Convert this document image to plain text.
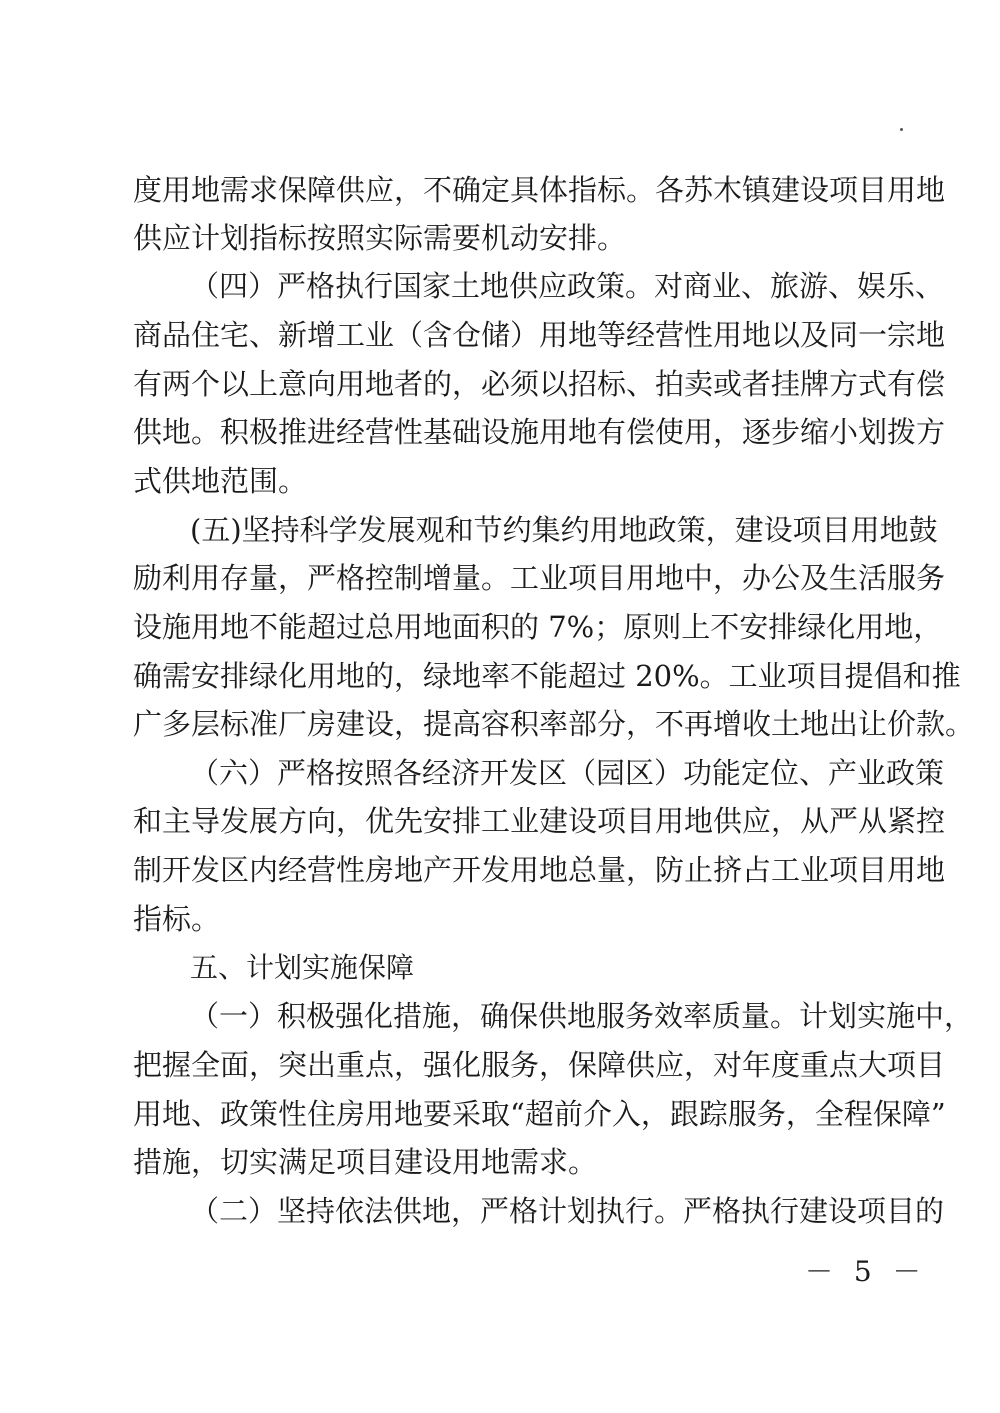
度用地需求保障供应，不确定具体指标。各苏木镇建设项目用地
供应计划指标按照实际需要机动安排。
（四）严格执行国家土地供应政策。对商业、旅游、娱乐、
商品住宅、新增工业（含仓储）用地等经营性用地以及同一宗地
有两个以上意向用地者的，必须以招标、拍卖或者挂牌方式有偿
供地。积极推进经营性基础设施用地有偿使用，逐步缩小划拨方
式供地范围。
(五)坚持科学发展观和节约集约用地政策，建设项目用地鼓
励利用存量，严格控制增量。工业项目用地中，办公及生活服务
设施用地不能超过总用地面积的 7%；原则上不安排绿化用地，
确需安排绿化用地的，绿地率不能超过 20%。工业项目提倡和推
广多层标准厂房建设，提高容积率部分，不再增收土地出让价款。
（六）严格按照各经济开发区（园区）功能定位、产业政策
和主导发展方向，优先安排工业建设项目用地供应，从严从紧控
制开发区内经营性房地产开发用地总量，防止挤占工业项目用地
指标。
五、计划实施保障
（一）积极强化措施，确保供地服务效率质量。计划实施中，
把握全面，突出重点，强化服务，保障供应，对年度重点大项目
用地、政策性住房用地要采取“超前介入，跟踪服务，全程保障”
措施，切实满足项目建设用地需求。
（二）坚持依法供地，严格计划执行。严格执行建设项目的
－ 5 －
